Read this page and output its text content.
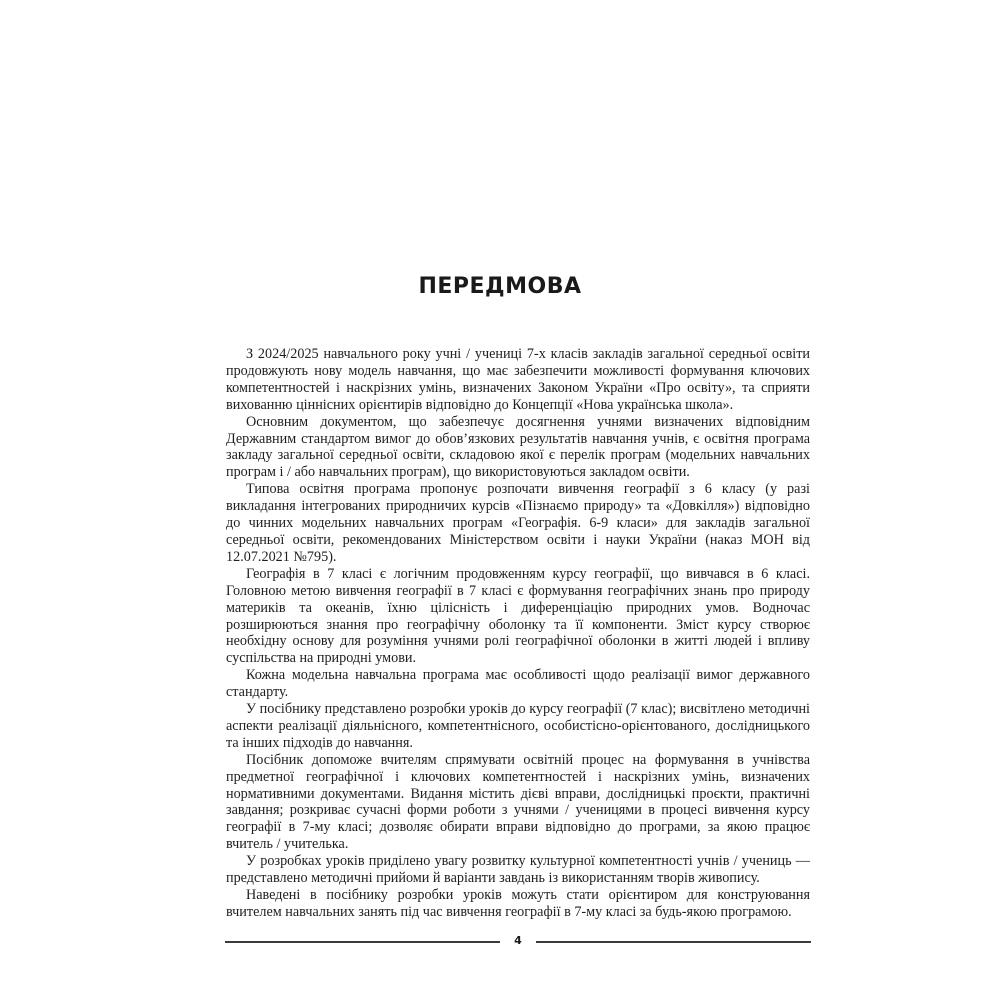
ПЕРЕДМОВА

З 2024/2025 навчального року учні / учениці 7-х класів закладів загальної середньої освіти продовжують нову модель навчання, що має забезпечити можливості формування ключових компетентностей і наскрізних умінь, визначених Законом України «Про освіту», та сприяти вихованню ціннісних орієнтирів відповідно до Концепції «Нова українська школа».

Основним документом, що забезпечує досягнення учнями визначених відповідним Державним стандартом вимог до обов’язкових результатів навчання учнів, є освітня програма закладу загальної середньої освіти, складовою якої є перелік програм (модельних навчальних програм і / або навчальних програм), що використовуються закладом освіти.

Типова освітня програма пропонує розпочати вивчення географії з 6 класу (у разі викладання інтегрованих природничих курсів «Пізнаємо природу» та «Довкілля») відповідно до чинних модельних навчальних програм «Географія. 6-9 класи» для закладів загальної середньої освіти, рекомендованих Міністерством освіти і науки України (наказ МОН від 12.07.2021 №795).

Географія в 7 класі є логічним продовженням курсу географії, що вивчався в 6 класі. Головною метою вивчення географії в 7 класі є формування географічних знань про природу материків та океанів, їхню цілісність і диференціацію природних умов. Водночас розширюються знання про географічну оболонку та її компоненти. Зміст курсу створює необхідну основу для розуміння учнями ролі географічної оболонки в житті людей і впливу суспільства на природні умови.

Кожна модельна навчальна програма має особливості щодо реалізації вимог державного стандарту.

У посібнику представлено розробки уроків до курсу географії (7 клас); висвітлено методичні аспекти реалізації діяльнісного, компетентнісного, особистісно-орієнтованого, дослідницького та інших підходів до навчання.

Посібник допоможе вчителям спрямувати освітній процес на формування в учнівства предметної географічної і ключових компетентностей і наскрізних умінь, визначених нормативними документами. Видання містить дієві вправи, дослідницькі проєкти, практичні завдання; розкриває сучасні форми роботи з учнями / ученицями в процесі вивчення курсу географії в 7-му класі; дозволяє обирати вправи відповідно до програми, за якою працює вчитель / учителька.

У розробках уроків приділено увагу розвитку культурної компетентності учнів / учениць — представлено методичні прийоми й варіанти завдань із використанням творів живопису.

Наведені в посібнику розробки уроків можуть стати орієнтиром для конструювання вчителем навчальних занять під час вивчення географії в 7-му класі за будь-якою програмою.

4
